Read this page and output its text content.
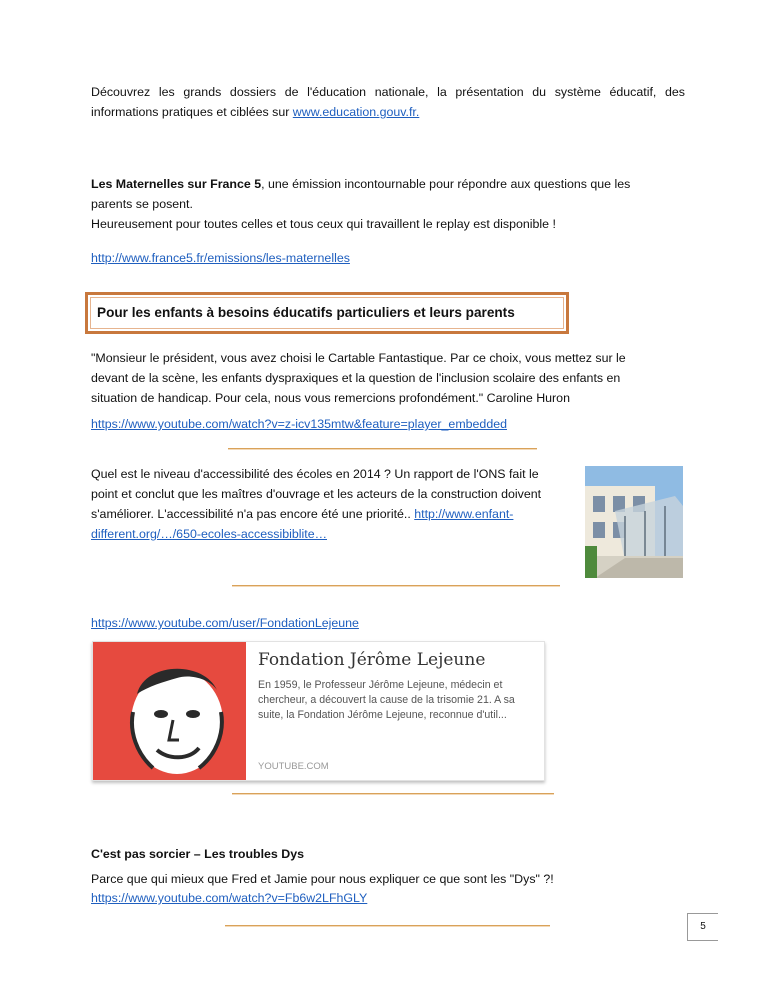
Découvrez les grands dossiers de l'éducation nationale, la présentation du système éducatif, des informations pratiques et ciblées sur www.education.gouv.fr.
Les Maternelles sur France 5, une émission incontournable pour répondre aux questions que les parents se posent.
Heureusement pour toutes celles et tous ceux qui travaillent le replay est disponible !
http://www.france5.fr/emissions/les-maternelles
Pour les enfants à besoins éducatifs particuliers et leurs parents
"Monsieur le président, vous avez choisi le Cartable Fantastique. Par ce choix, vous mettez sur le devant de la scène, les enfants dyspraxiques et la question de l'inclusion scolaire des enfants en situation de handicap. Pour cela, nous vous remercions profondément." Caroline Huron
https://www.youtube.com/watch?v=z-icv135mtw&feature=player_embedded
Quel est le niveau d'accessibilité des écoles en 2014 ? Un rapport de l'ONS fait le point et conclut que les maîtres d'ouvrage et les acteurs de la construction doivent s'améliorer. L'accessibilité n'a pas encore été une priorité.. http://www.enfant-different.org/…/650-ecoles-accessibiblite…
https://www.youtube.com/user/FondationLejeune
Fondation Jérôme Lejeune
En 1959, le Professeur Jérôme Lejeune, médecin et chercheur, a découvert la cause de la trisomie 21. A sa suite, la Fondation Jérôme Lejeune, reconnue d'util...
YOUTUBE.COM
C'est pas sorcier – Les troubles Dys
Parce que qui mieux que Fred et Jamie pour nous expliquer ce que sont les "Dys" ?!
https://www.youtube.com/watch?v=Fb6w2LFhGLY
5
